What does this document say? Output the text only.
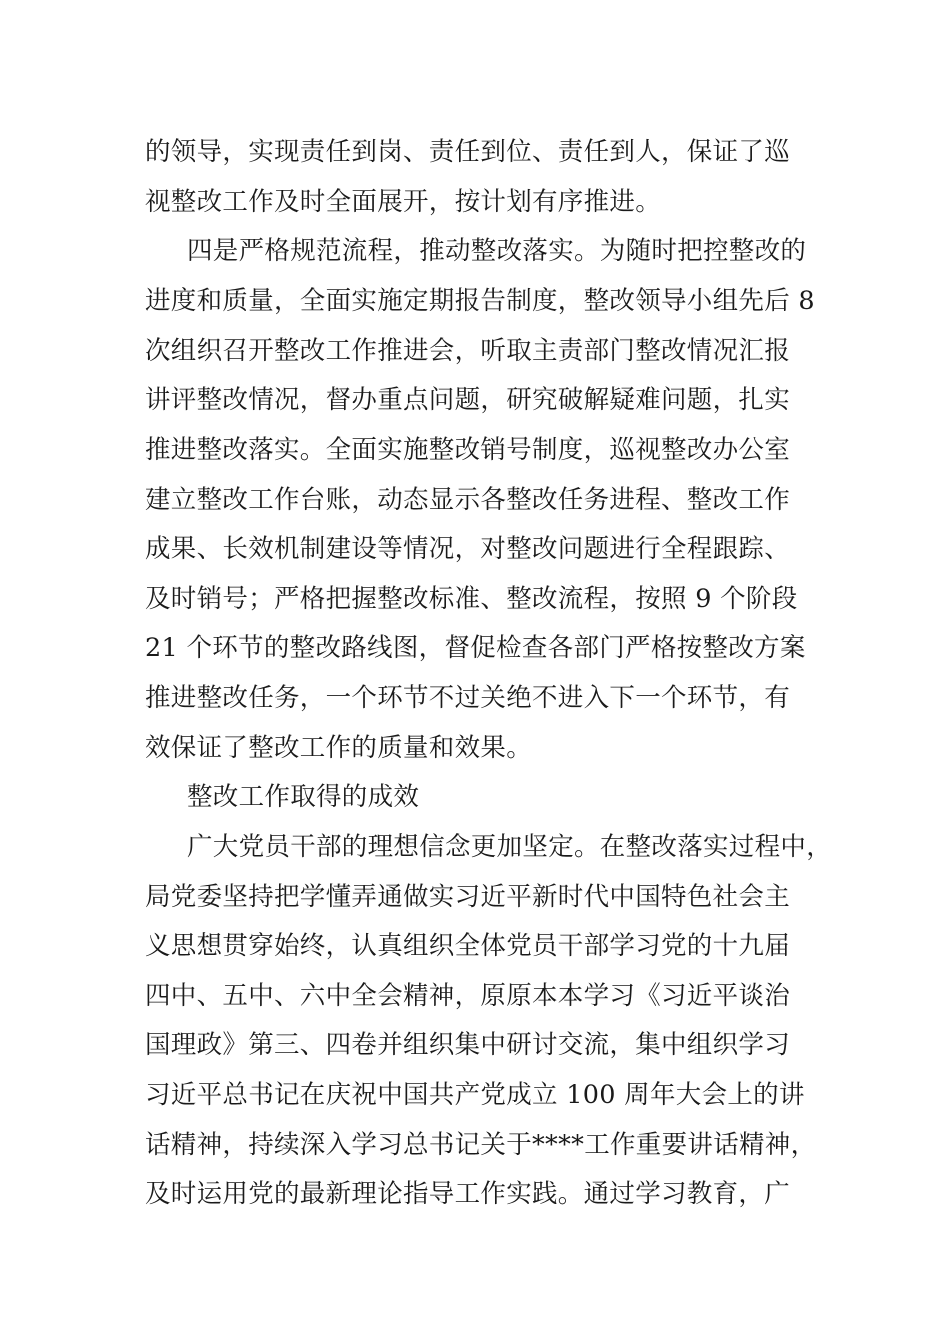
的领导，实现责任到岗、责任到位、责任到人，保证了巡
视整改工作及时全面展开，按计划有序推进。
四是严格规范流程，推动整改落实。为随时把控整改的
进度和质量，全面实施定期报告制度，整改领导小组先后 8
次组织召开整改工作推进会，听取主责部门整改情况汇报
讲评整改情况，督办重点问题，研究破解疑难问题，扎实
推进整改落实。全面实施整改销号制度，巡视整改办公室
建立整改工作台账，动态显示各整改任务进程、整改工作
成果、长效机制建设等情况，对整改问题进行全程跟踪、
及时销号；严格把握整改标准、整改流程，按照 9 个阶段
21 个环节的整改路线图，督促检查各部门严格按整改方案
推进整改任务，一个环节不过关绝不进入下一个环节，有
效保证了整改工作的质量和效果。
整改工作取得的成效
广大党员干部的理想信念更加坚定。在整改落实过程中，
局党委坚持把学懂弄通做实习近平新时代中国特色社会主
义思想贯穿始终，认真组织全体党员干部学习党的十九届
四中、五中、六中全会精神，原原本本学习《习近平谈治
国理政》第三、四卷并组织集中研讨交流，集中组织学习
习近平总书记在庆祝中国共产党成立 100 周年大会上的讲
话精神，持续深入学习总书记关于****工作重要讲话精神，
及时运用党的最新理论指导工作实践。通过学习教育，广
